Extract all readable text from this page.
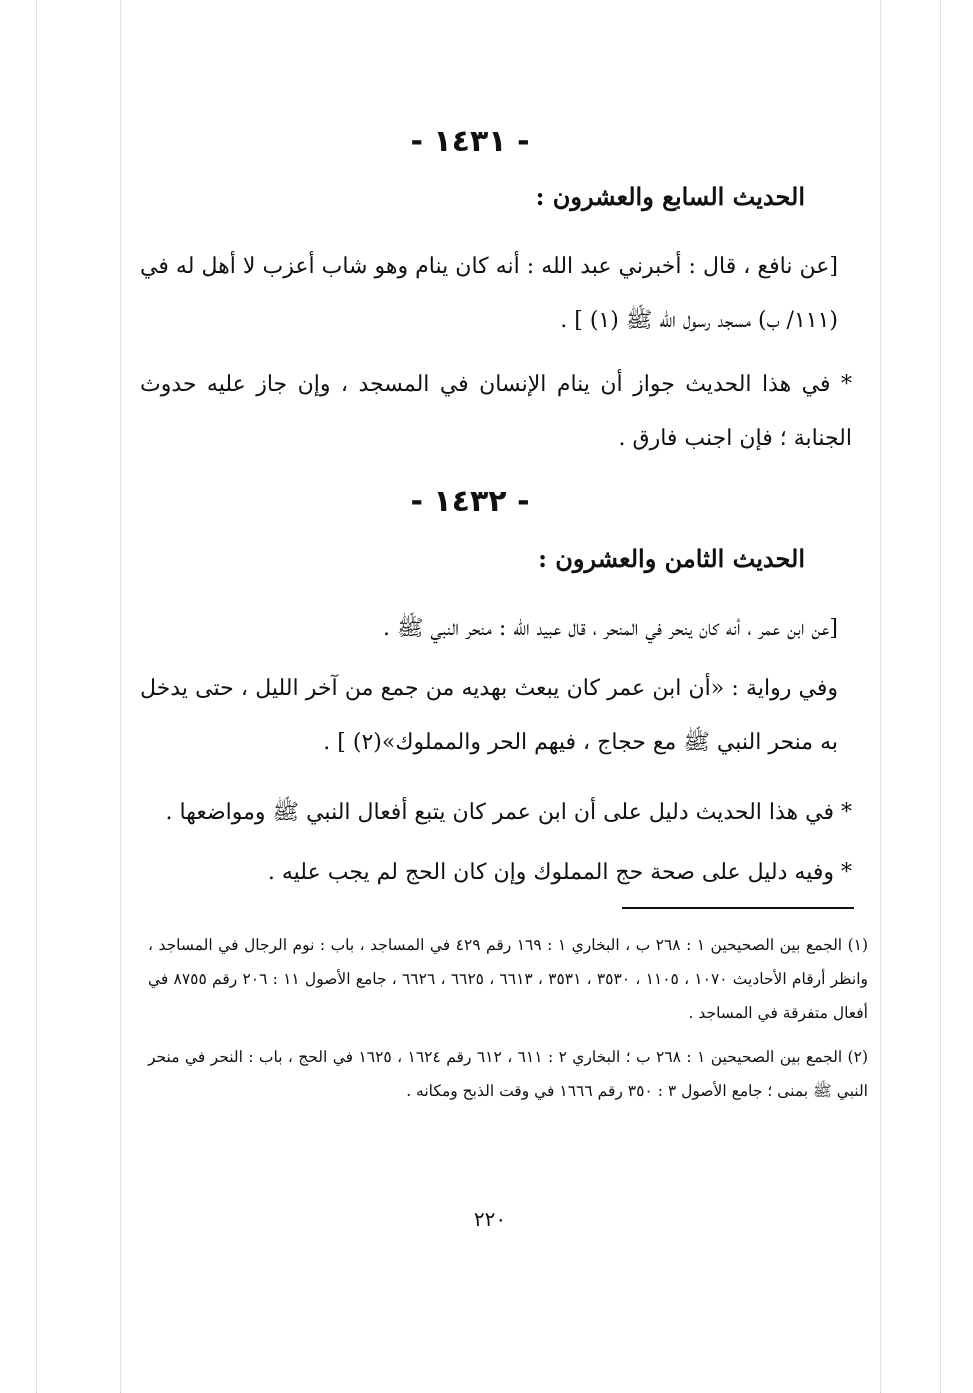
- ١٤٣١ -
الحديث السابع والعشرون :
[عن نافع ، قال : أخبرني عبد الله : أنه كان ينام وهو شاب أعزب لا أهل له في (١١١/ ب) مسجد رسول الله ﷺ (١) ] .
* في هذا الحديث جواز أن ينام الإنسان في المسجد ، وإن جاز عليه حدوث الجنابة ؛ فإن اجنب فارق .
- ١٤٣٢ -
الحديث الثامن والعشرون :
[عن ابن عمر ، أنه كان ينحر في المنحر ، قال عبيد الله : منحر النبي ﷺ .
وفي رواية : «أن ابن عمر كان يبعث بهديه من جمع من آخر الليل ، حتى يدخل به منحر النبي ﷺ مع حجاج ، فيهم الحر والمملوك»(٢) ] .
* في هذا الحديث دليل على أن ابن عمر كان يتبع أفعال النبي ﷺ ومواضعها .
* وفيه دليل على صحة حج المملوك وإن كان الحج لم يجب عليه .
(١) الجمع بين الصحيحين ١ : ٢٦٨ ب ، البخاري ١ : ١٦٩ رقم ٤٢٩ في المساجد ، باب : نوم الرجال في المساجد ، وانظر أرقام الأحاديث ١٠٧٠ ، ١١٠٥ ، ٣٥٣٠ ، ٣٥٣١ ، ٦٦١٣ ، ٦٦٢٥ ، ٦٦٢٦ ، جامع الأصول ١١ : ٢٠٦ رقم ٨٧٥٥ في أفعال متفرقة في المساجد .
(٢) الجمع بين الصحيحين ١ : ٢٦٨ ب ؛ البخاري ٢ : ٦١١ ، ٦١٢ رقم ١٦٢٤ ، ١٦٢٥ في الحج ، باب : النحر في منحر النبي ﷺ بمنى ؛ جامع الأصول ٣ : ٣٥٠ رقم ١٦٦٦ في وقت الذبح ومكانه .
٢٢٠
